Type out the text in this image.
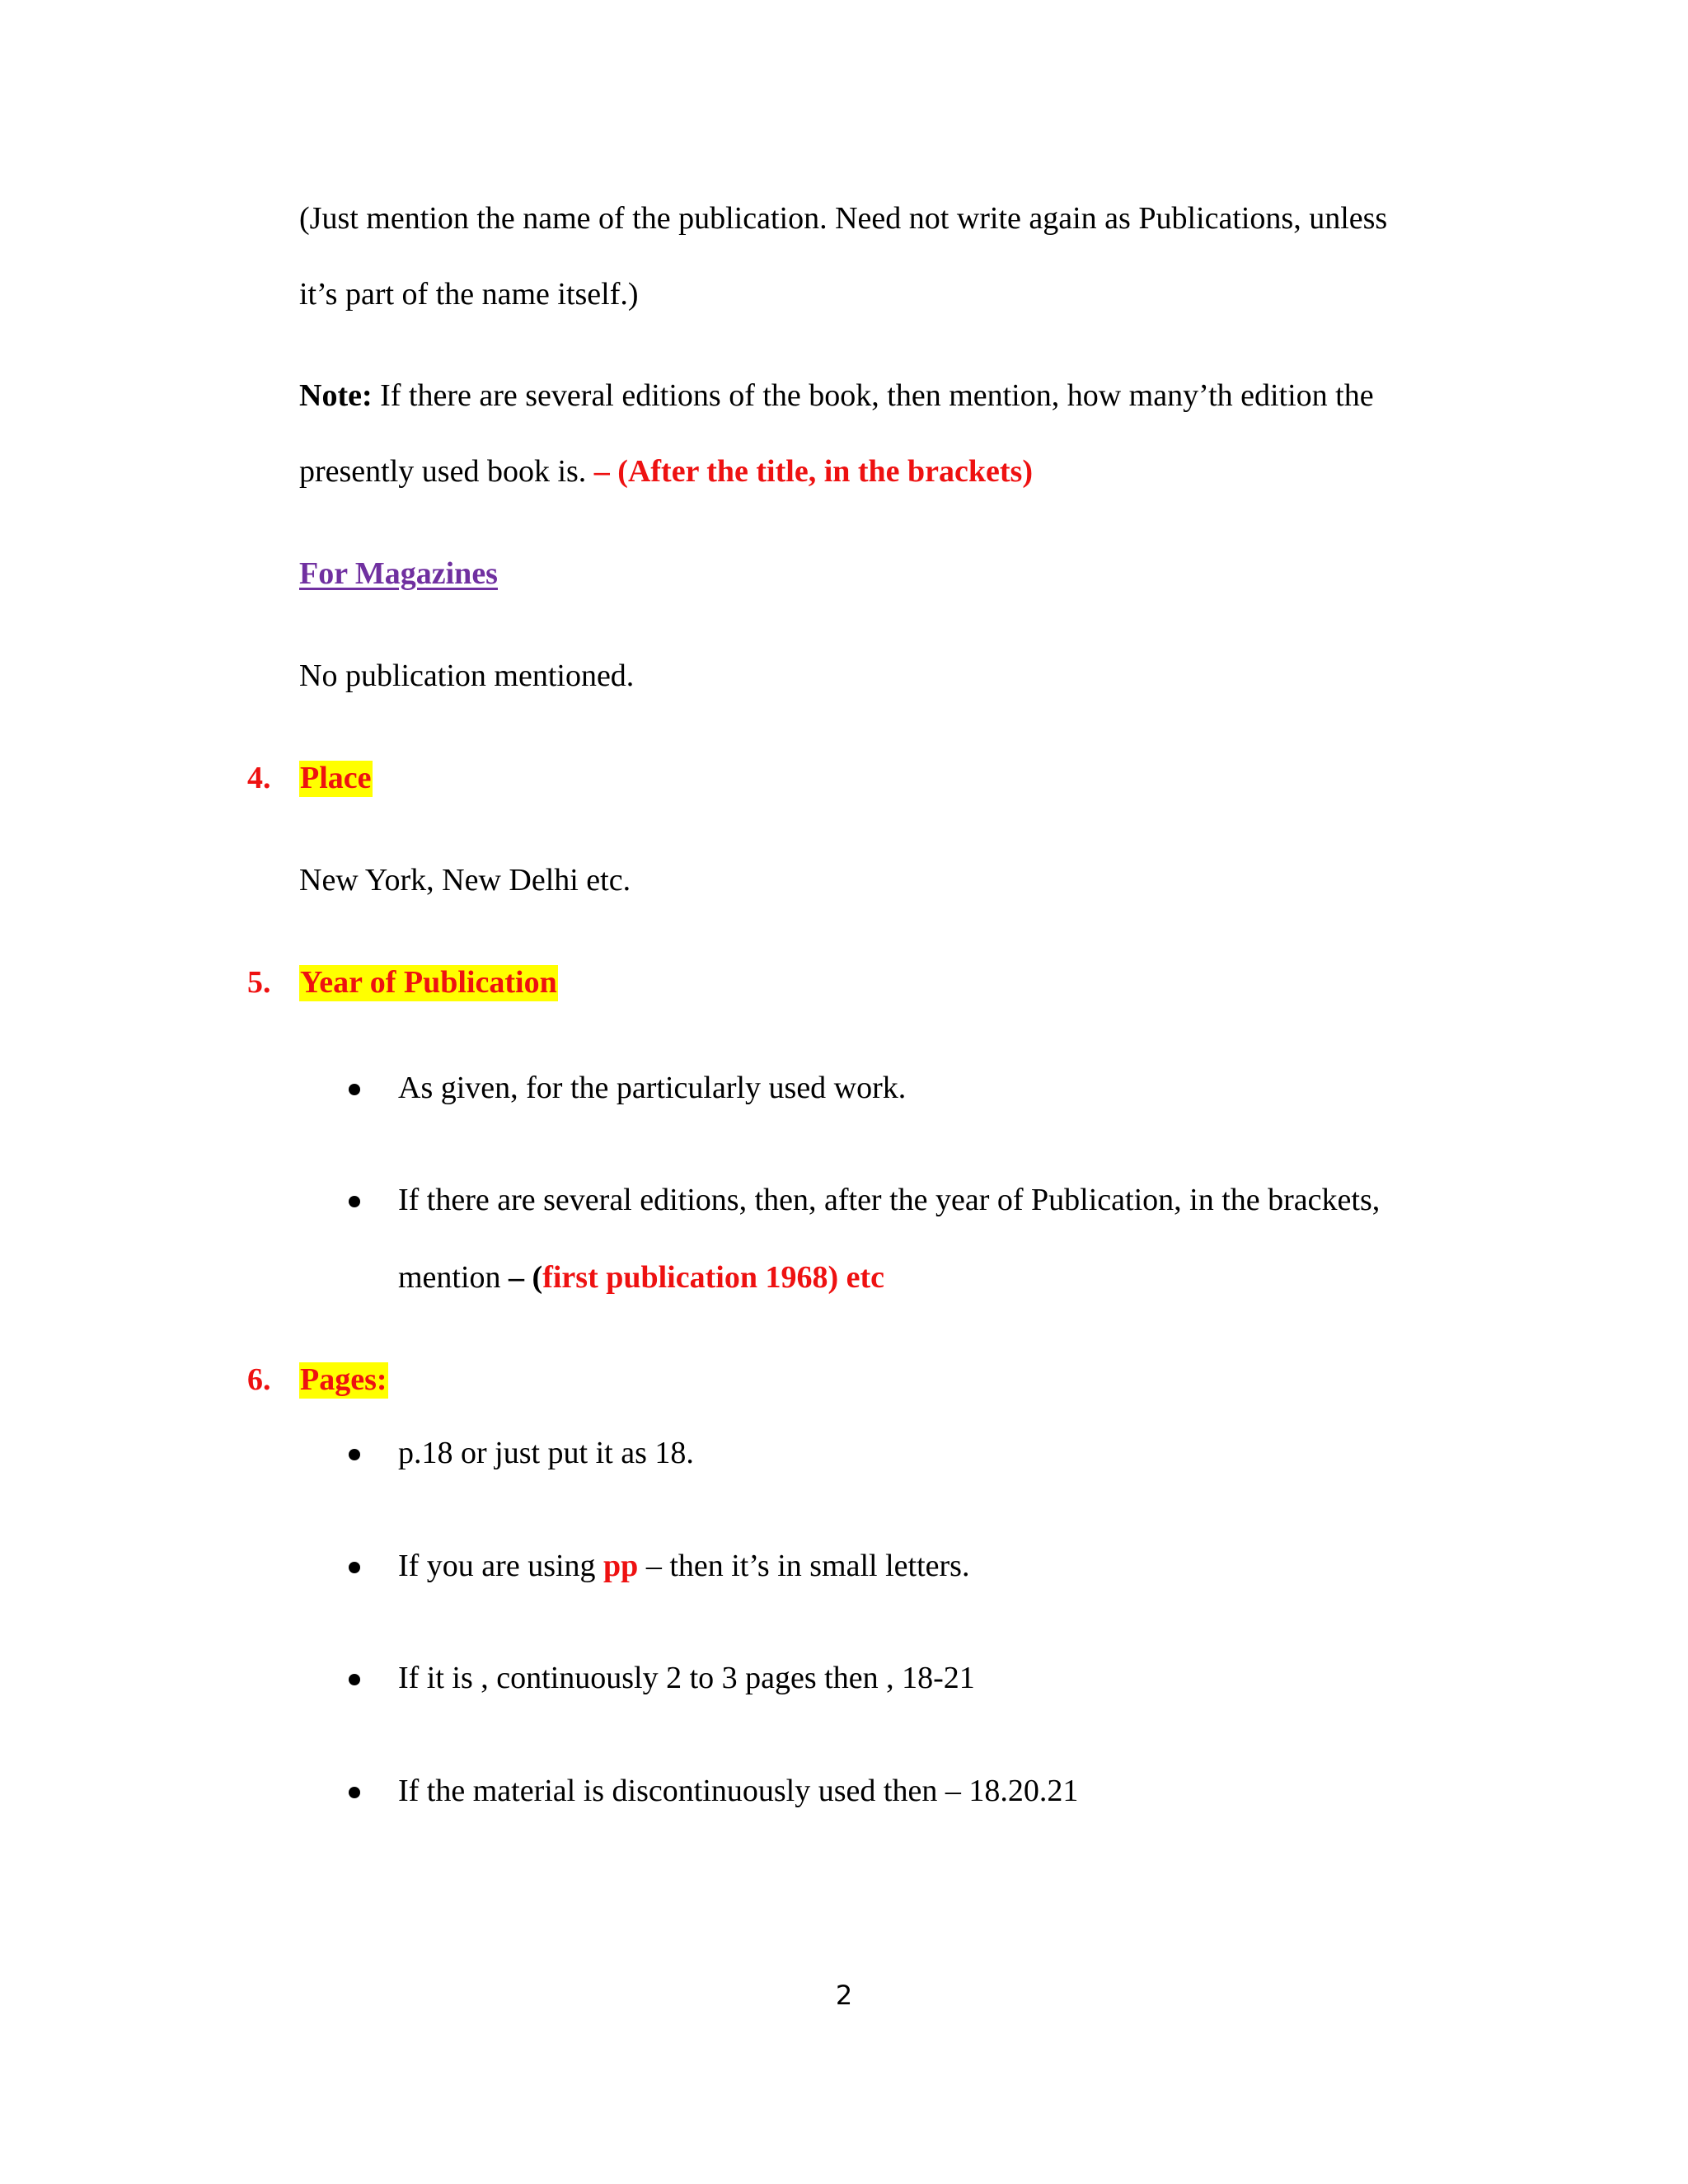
(Just mention the name of the publication. Need not write again as Publications, unless
it’s part of the name itself.)
Note: If there are several editions of the book, then mention, how many’th edition the
presently used book is. – (After the title, in the brackets)
For Magazines
No publication mentioned.
4. Place
New York, New Delhi etc.
5. Year of Publication
As given, for the particularly used work.
If there are several editions, then, after the year of Publication, in the brackets,
mention – (first publication 1968) etc
6. Pages:
p.18 or just put it as 18.
If you are using pp – then it’s in small letters.
If it is , continuously 2 to 3 pages then , 18-21
If the material is discontinuously used then – 18.20.21
2
